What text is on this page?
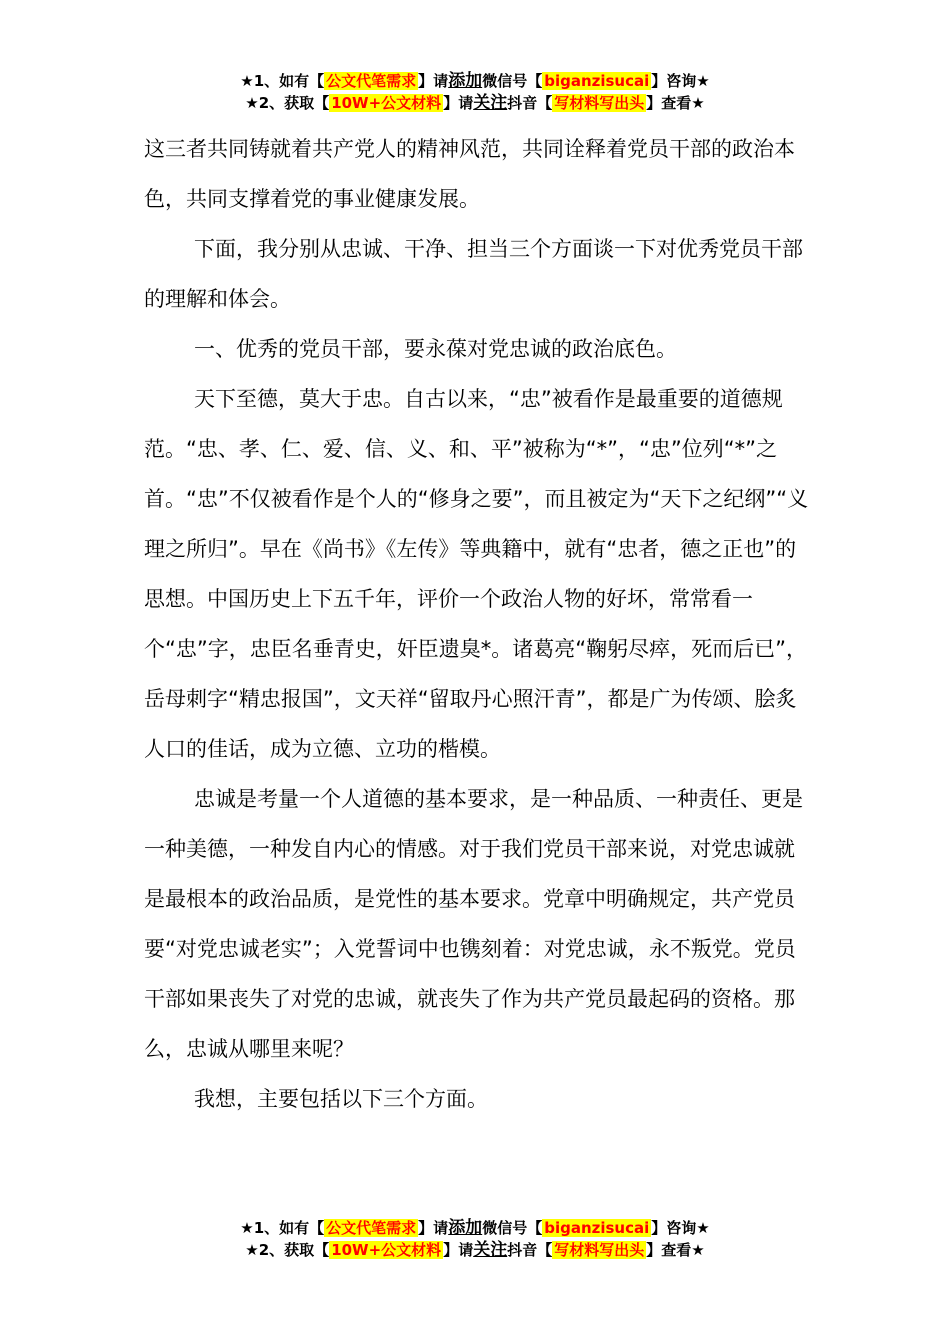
★1、如有【 公文代笔需求 】请添加微信号【 biganzisucai 】咨询★
★2、获取【 10W+公文材料 】请关注抖音【 写材料写出头 】查看★

这三者共同铸就着共产党人的精神风范，共同诠释着党员干部的政治本色，共同支撑着党的事业健康发展。

下面，我分别从忠诚、干净、担当三个方面谈一下对优秀党员干部的理解和体会。

一、优秀的党员干部，要永葆对党忠诚的政治底色。

天下至德，莫大于忠。自古以来，“忠”被看作是最重要的道德规范。“忠、孝、仁、爱、信、义、和、平”被称为“*”，“忠”位列“*”之首。“忠”不仅被看作是个人的“修身之要”，而且被定为“天下之纪纲”“义理之所归”。早在《尚书》《左传》等典籍中，就有“忠者，德之正也”的思想。中国历史上下五千年，评价一个政治人物的好坏，常常看一个“忠”字，忠臣名垂青史，奸臣遗臭*。诸葛亮“鞠躬尽瘁，死而后已”，岳母刺字“精忠报国”，文天祥“留取丹心照汗青”，都是广为传颂、脍炙人口的佳话，成为立德、立功的楷模。

忠诚是考量一个人道德的基本要求，是一种品质、一种责任、更是一种美德，一种发自内心的情感。对于我们党员干部来说，对党忠诚就是最根本的政治品质，是党性的基本要求。党章中明确规定，共产党员要“对党忠诚老实”；入党誓词中也镌刻着：对党忠诚，永不叛党。党员干部如果丧失了对党的忠诚，就丧失了作为共产党员最起码的资格。那么，忠诚从哪里来呢？

我想，主要包括以下三个方面。

★1、如有【 公文代笔需求 】请添加微信号【 biganzisucai 】咨询★
★2、获取【 10W+公文材料 】请关注抖音【 写材料写出头 】查看★
